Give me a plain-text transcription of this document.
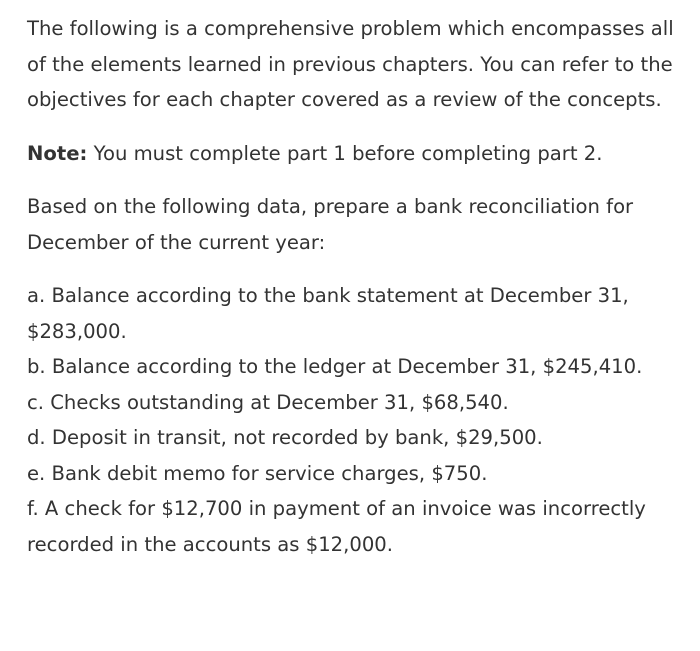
The following is a comprehensive problem which encompasses all of the elements learned in previous chapters. You can refer to the objectives for each chapter covered as a review of the concepts.

Note: You must complete part 1 before completing part 2.

Based on the following data, prepare a bank reconciliation for December of the current year:

a. Balance according to the bank statement at December 31, $283,000.
b. Balance according to the ledger at December 31, $245,410.
c. Checks outstanding at December 31, $68,540.
d. Deposit in transit, not recorded by bank, $29,500.
e. Bank debit memo for service charges, $750.
f. A check for $12,700 in payment of an invoice was incorrectly recorded in the accounts as $12,000.
